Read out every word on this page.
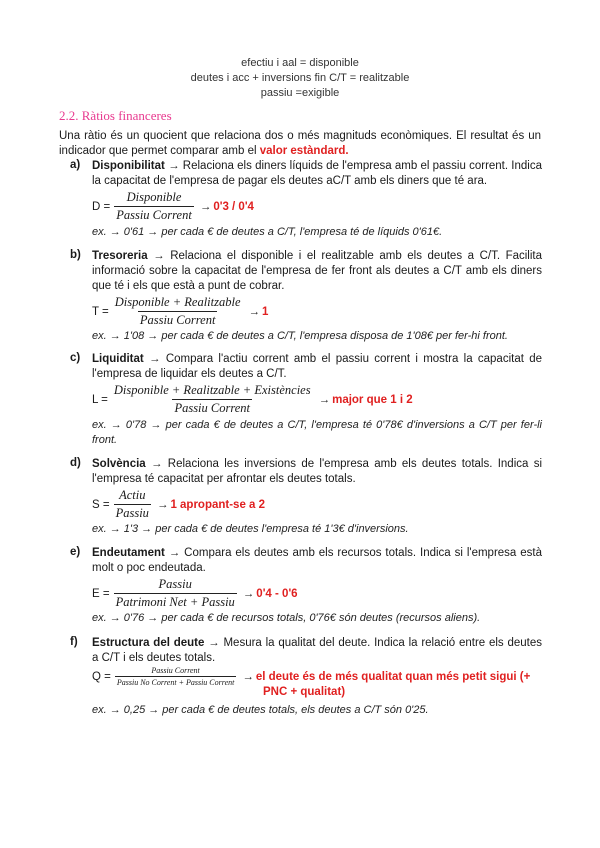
efectiu i aal = disponible
deutes i acc + inversions fin C/T = realitzable
passiu =exigible
2.2. Ràtios financeres
Una ràtio és un quocient que relaciona dos o més magnituds econòmiques. El resultat és un indicador que permet comparar amb el valor estàndard.
a) Disponibilitat → Relaciona els diners líquids de l'empresa amb el passiu corrent. Indica la capacitat de l'empresa de pagar els deutes aC/T amb els diners que té ara.
$D = \frac{\text{Disponible}}{\text{Passiu Corrent}} \to 0'3 / 0'4$
ex. → 0'61 → per cada € de deutes a C/T, l'empresa té de líquids 0'61€.
b) Tresoreria → Relaciona el disponible i el realitzable amb els deutes a C/T. Facilita informació sobre la capacitat de l'empresa de fer front als deutes a C/T amb els diners que té i els que està a punt de cobrar.
$T = \frac{\text{Disponible + Realitzable}}{\text{Passiu Corrent}} \to 1$
ex. → 1'08 → per cada € de deutes a C/T, l'empresa disposa de 1'08€ per fer-hi front.
c) Liquiditat → Compara l'actiu corrent amb el passiu corrent i mostra la capacitat de l'empresa de liquidar els deutes a C/T.
$L = \frac{\text{Disponible + Realitzable + Existències}}{\text{Passiu Corrent}}$ → major que 1 i 2
ex. → 0'78 → per cada € de deutes a C/T, l'empresa té 0'78€ d'inversions a C/T per fer-li front.
d) Solvència → Relaciona les inversions de l'empresa amb els deutes totals. Indica si l'empresa té capacitat per afrontar els deutes totals.
$S = \frac{\text{Actiu}}{\text{Passiu}} \to 1$ apropant-se a 2
ex. → 1'3 → per cada € de deutes l'empresa té 1'3€ d'inversions.
e) Endeutament → Compara els deutes amb els recursos totals. Indica si l'empresa està molt o poc endeutada.
$E = \frac{\text{Passiu}}{\text{Patrimoni Net + Passiu}} \to 0'4 - 0'6$
ex. → 0'76 → per cada € de recursos totals, 0'76€ són deutes (recursos aliens).
f) Estructura del deute → Mesura la qualitat del deute. Indica la relació entre els deutes a C/T i els deutes totals.
$Q = \frac{\text{Passiu Corrent}}{\text{Passiu No Corrent + Passiu Corrent}}$ → el deute és de més qualitat quan més petit sigui (+
PNC + qualitat)
ex. → 0,25 → per cada € de deutes totals, els deutes a C/T són 0'25.
